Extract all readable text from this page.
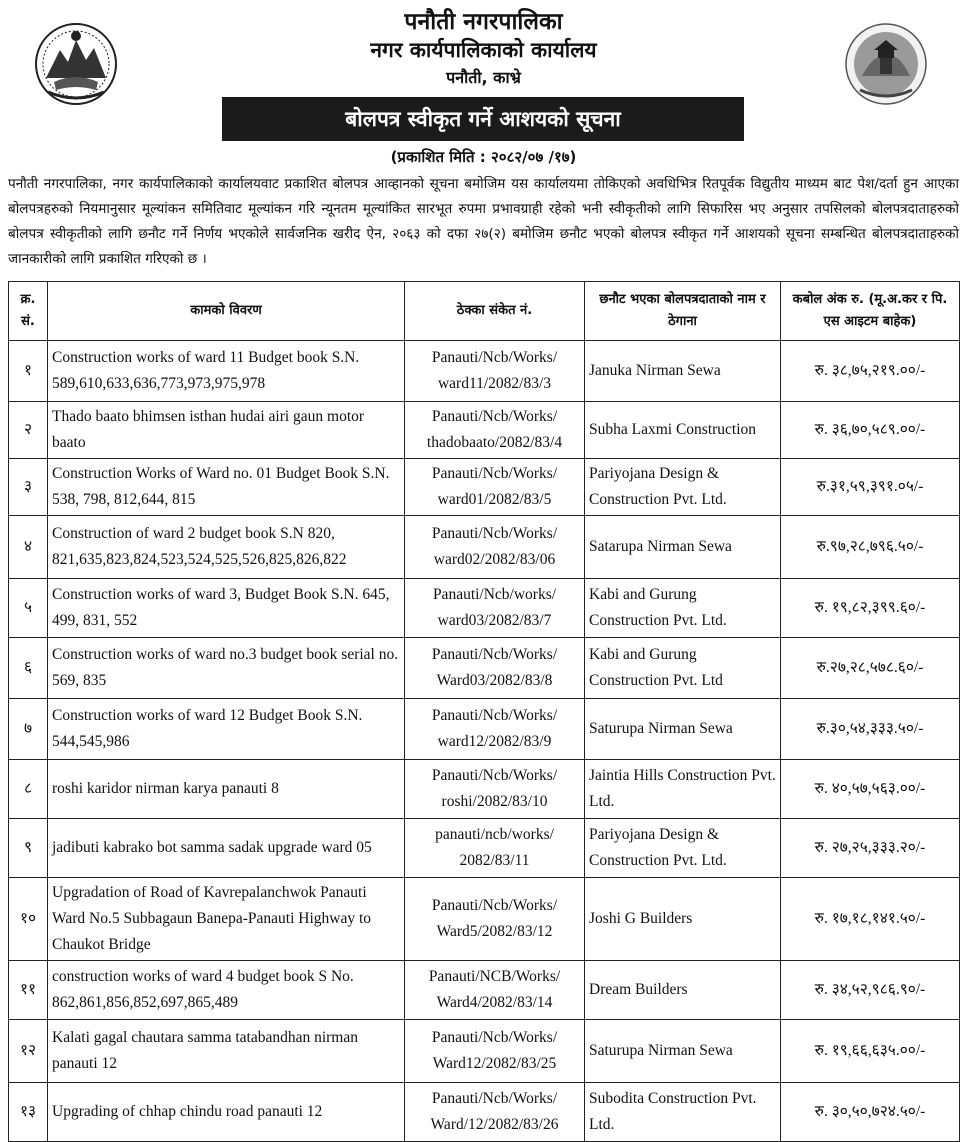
पनौती नगरपालिका
नगर कार्यपालिकाको कार्यालय
पनौती, काभ्रे
बोलपत्र स्वीकृत गर्ने आशयको सूचना
(प्रकाशित मिति : २०८२/०७ /१७)
पनौती नगरपालिका, नगर कार्यपालिकाको कार्यालयवाट प्रकाशित बोलपत्र आव्हानको सूचना बमोजिम यस कार्यालयमा तोकिएको अवधिभित्र रितपूर्वक विद्युतीय माध्यम बाट पेश/दर्ता हुन आएका बोलपत्रहरुको नियमानुसार मूल्यांकन समितिवाट मूल्यांकन गरि न्यूनतम मूल्यांकित सारभूत रुपमा प्रभावग्राही रहेको भनी स्वीकृतीको लागि सिफारिस भए अनुसार तपसिलको बोलपत्रदाताहरुको बोलपत्र स्वीकृतीको लागि छनौट गर्ने निर्णय भएकोले सार्वजनिक खरीद ऐन, २०६३ को दफा २७(२) बमोजिम छनौट भएको बोलपत्र स्वीकृत गर्ने आशयको सूचना सम्बन्धित बोलपत्रदाताहरुको जानकारीको लागि प्रकाशित गरिएको छ ।
क्र. सं.	कामको विवरण	ठेक्का संकेत नं.	छनौट भएका बोलपत्रदाताको नाम र ठेगाना	कबोल अंक रु. (मू.अ.कर र पि. एस आइटम बाहेक)
१	Construction works of ward 11 Budget book S.N. 589,610,633,636,773,973,975,978	Panauti/Ncb/Works/ ward11/2082/83/3	Januka Nirman Sewa	रु. ३८,७५,२१९.००/-
२	Thado baato bhimsen isthan hudai airi gaun motor baato	Panauti/Ncb/Works/ thadobaato/2082/83/4	Subha Laxmi Construction	रु. ३६,७०,५८९.००/-
३	Construction Works of Ward no. 01 Budget Book S.N. 538, 798, 812,644, 815	Panauti/Ncb/Works/ ward01/2082/83/5	Pariyojana Design & Construction Pvt. Ltd.	रु.३१,५९,३९१.०५/-
४	Construction of ward 2 budget book S.N 820, 821,635,823,824,523,524,525,526,825,826,822	Panauti/Ncb/Works/ ward02/2082/83/06	Satarupa Nirman Sewa	रु.९७,२८,७९६.५०/-
५	Construction works of ward 3, Budget Book S.N. 645, 499, 831, 552	Panauti/Ncb/works/ ward03/2082/83/7	Kabi and Gurung Construction Pvt. Ltd.	रु. १९,८२,३९९.६०/-
६	Construction works of ward no.3 budget book serial no. 569, 835	Panauti/Ncb/Works/ Ward03/2082/83/8	Kabi and Gurung Construction Pvt. Ltd	रु.२७,२८,५७८.६०/-
७	Construction works of ward 12 Budget Book S.N. 544,545,986	Panauti/Ncb/Works/ ward12/2082/83/9	Saturupa Nirman Sewa	रु.३०,५४,३३३.५०/-
८	roshi karidor nirman karya panauti 8	Panauti/Ncb/Works/ roshi/2082/83/10	Jaintia Hills Construction Pvt. Ltd.	रु. ४०,५७,५६३.००/-
९	jadibuti kabrako bot samma sadak upgrade ward 05	panauti/ncb/works/ 2082/83/11	Pariyojana Design & Construction Pvt. Ltd.	रु. २७,२५,३३३.२०/-
१०	Upgradation of Road of Kavrepalanchwok Panauti Ward No.5 Subbagaun Banepa-Panauti Highway to Chaukot Bridge	Panauti/Ncb/Works/ Ward5/2082/83/12	Joshi G Builders	रु. १७,१८,१४१.५०/-
११	construction works of ward 4 budget book S No. 862,861,856,852,697,865,489	Panauti/NCB/Works/ Ward4/2082/83/14	Dream Builders	रु. ३४,५२,९८६.९०/-
१२	Kalati gagal chautara samma tatabandhan nirman panauti 12	Panauti/Ncb/Works/ Ward12/2082/83/25	Saturupa Nirman Sewa	रु. १९,६६,६३५.००/-
१३	Upgrading of chhap chindu road panauti 12	Panauti/Ncb/Works/ Ward/12/2082/83/26	Subodita Construction Pvt. Ltd.	रु. ३०,५०,७२४.५०/-
